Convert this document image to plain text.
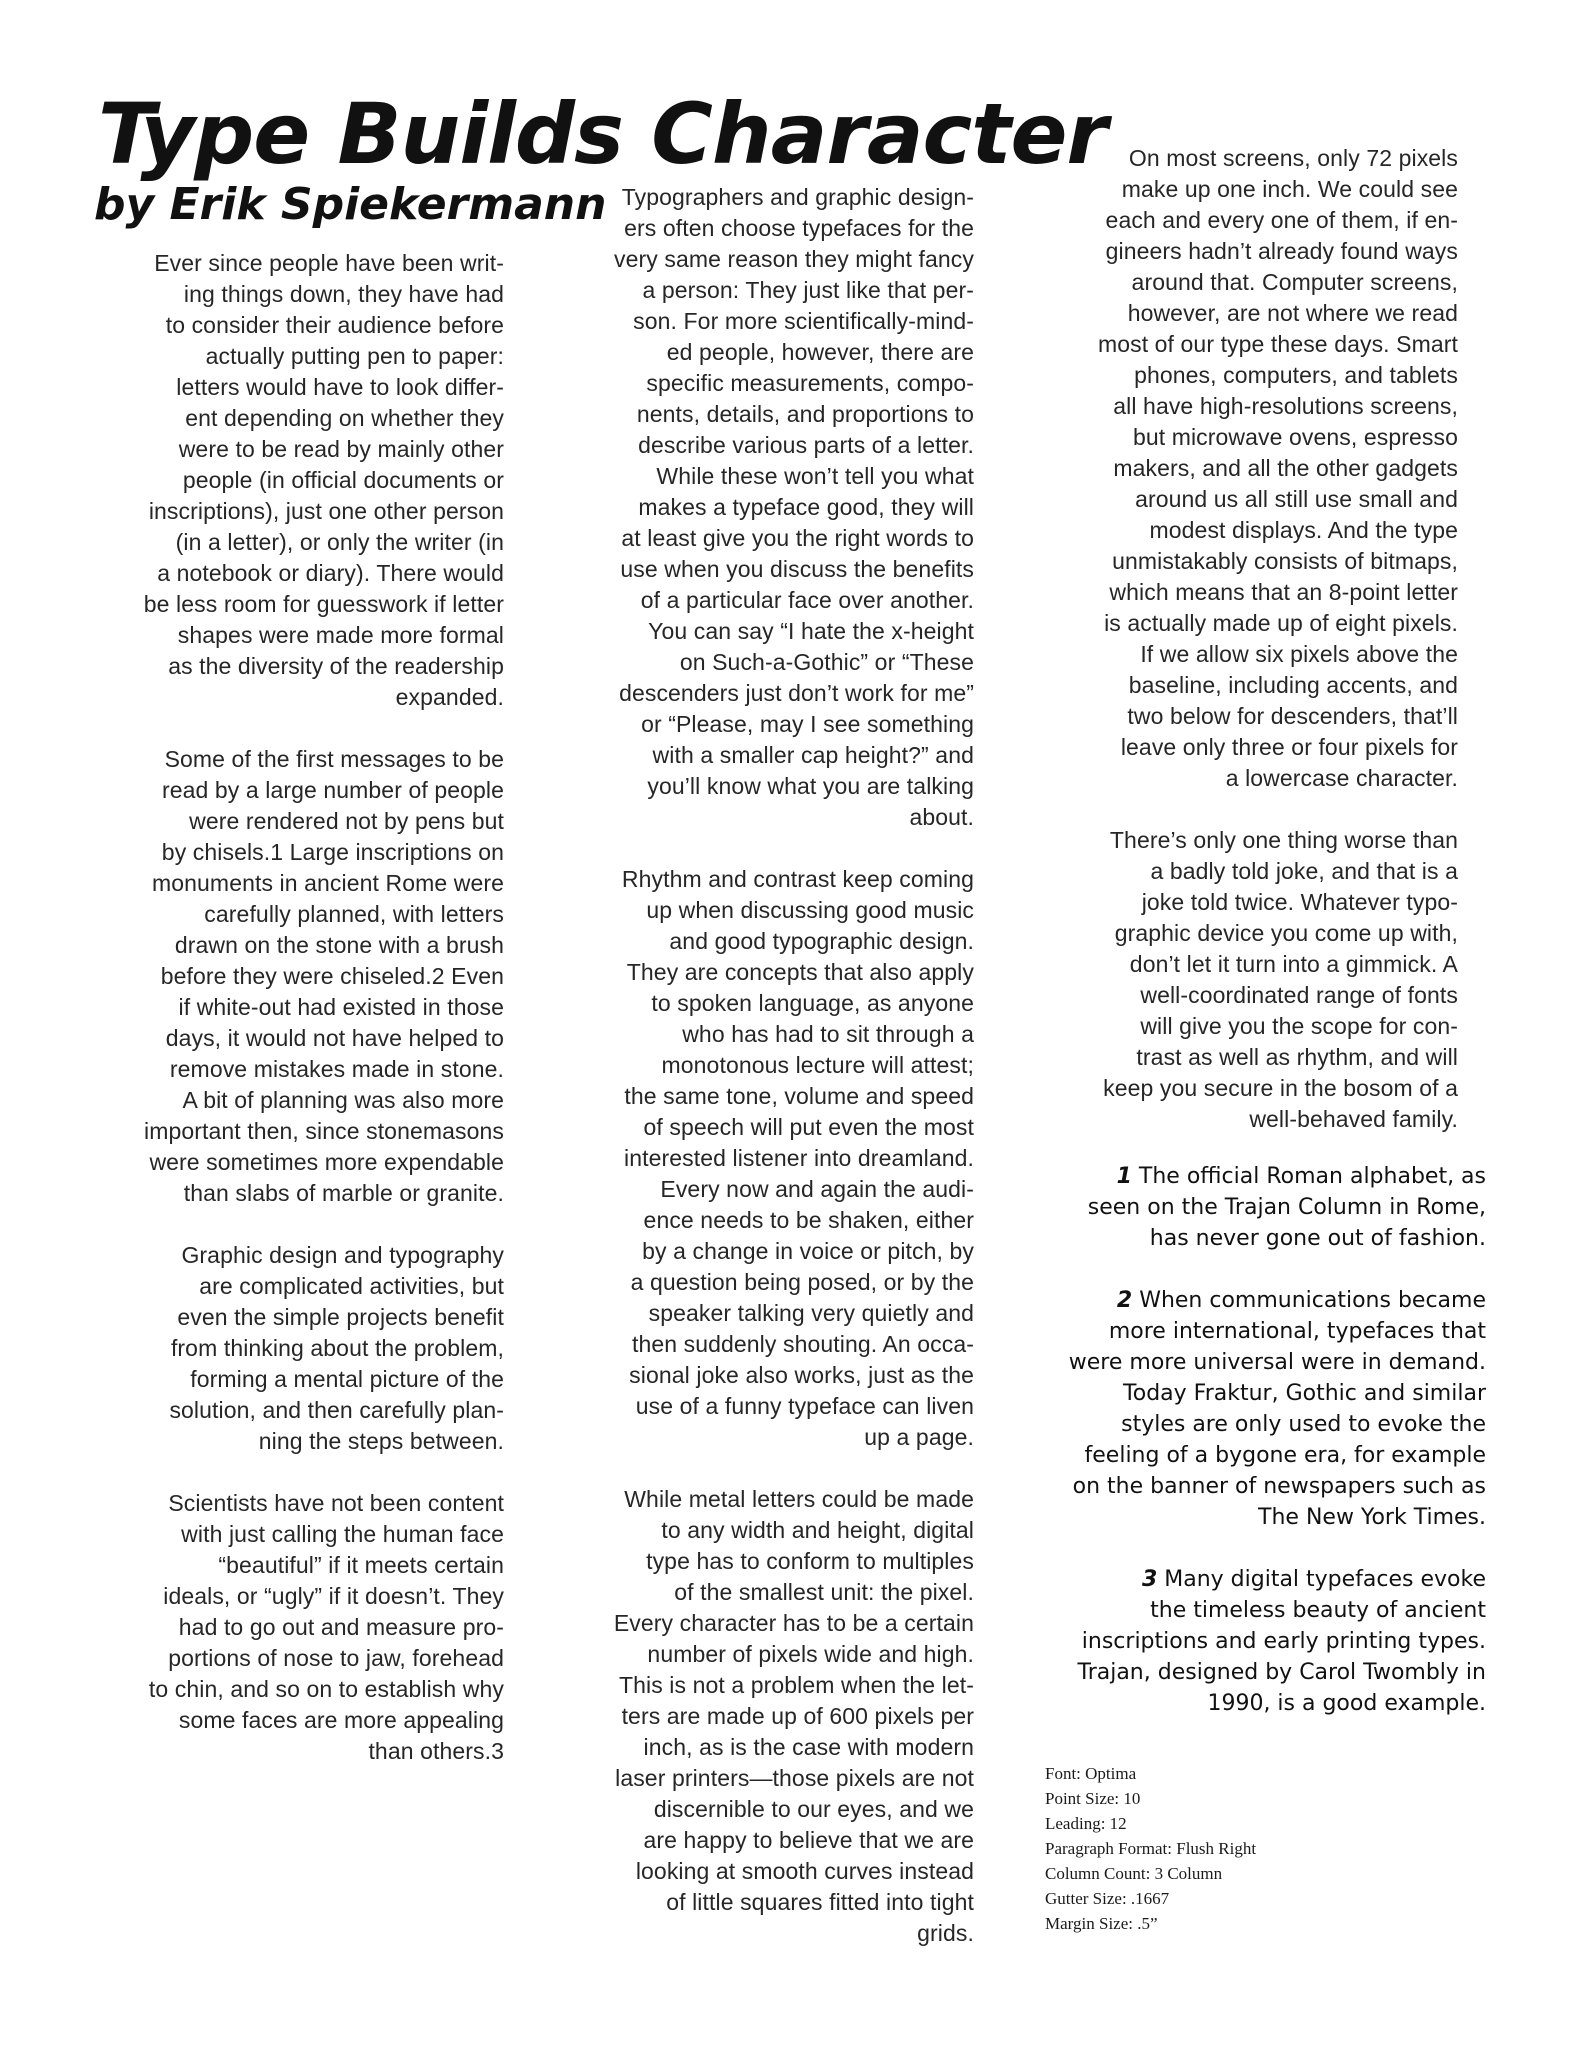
Type Builds Character
by Erik Spiekermann

Ever since people have been writ-
ing things down, they have had
to consider their audience before
actually putting pen to paper:
letters would have to look differ-
ent depending on whether they
were to be read by mainly other
people (in official documents or
inscriptions), just one other person
(in a letter), or only the writer (in
a notebook or diary). There would
be less room for guesswork if letter
shapes were made more formal
as the diversity of the readership
expanded.

Some of the first messages to be
read by a large number of people
were rendered not by pens but
by chisels.1 Large inscriptions on
monuments in ancient Rome were
carefully planned, with letters
drawn on the stone with a brush
before they were chiseled.2 Even
if white-out had existed in those
days, it would not have helped to
remove mistakes made in stone.
A bit of planning was also more
important then, since stonemasons
were sometimes more expendable
than slabs of marble or granite.

Graphic design and typography
are complicated activities, but
even the simple projects benefit
from thinking about the problem,
forming a mental picture of the
solution, and then carefully plan-
ning the steps between.

Scientists have not been content
with just calling the human face
“beautiful” if it meets certain
ideals, or “ugly” if it doesn’t. They
had to go out and measure pro-
portions of nose to jaw, forehead
to chin, and so on to establish why
some faces are more appealing
than others.3

Typographers and graphic design-
ers often choose typefaces for the
very same reason they might fancy
a person: They just like that per-
son. For more scientifically-mind-
ed people, however, there are
specific measurements, compo-
nents, details, and proportions to
describe various parts of a letter.
While these won’t tell you what
makes a typeface good, they will
at least give you the right words to
use when you discuss the benefits
of a particular face over another.
You can say “I hate the x-height
on Such-a-Gothic” or “These
descenders just don’t work for me”
or “Please, may I see something
with a smaller cap height?” and
you’ll know what you are talking
about.

Rhythm and contrast keep coming
up when discussing good music
and good typographic design.
They are concepts that also apply
to spoken language, as anyone
who has had to sit through a
monotonous lecture will attest;
the same tone, volume and speed
of speech will put even the most
interested listener into dreamland.
Every now and again the audi-
ence needs to be shaken, either
by a change in voice or pitch, by
a question being posed, or by the
speaker talking very quietly and
then suddenly shouting. An occa-
sional joke also works, just as the
use of a funny typeface can liven
up a page.

While metal letters could be made
to any width and height, digital
type has to conform to multiples
of the smallest unit: the pixel.
Every character has to be a certain
number of pixels wide and high.
This is not a problem when the let-
ters are made up of 600 pixels per
inch, as is the case with modern
laser printers—those pixels are not
discernible to our eyes, and we
are happy to believe that we are
looking at smooth curves instead
of little squares fitted into tight
grids.

On most screens, only 72 pixels
make up one inch. We could see
each and every one of them, if en-
gineers hadn’t already found ways
around that. Computer screens,
however, are not where we read
most of our type these days. Smart
phones, computers, and tablets
all have high-resolutions screens,
but microwave ovens, espresso
makers, and all the other gadgets
around us all still use small and
modest displays. And the type
unmistakably consists of bitmaps,
which means that an 8-point letter
is actually made up of eight pixels.
If we allow six pixels above the
baseline, including accents, and
two below for descenders, that’ll
leave only three or four pixels for
a lowercase character.

There’s only one thing worse than
a badly told joke, and that is a
joke told twice. Whatever typo-
graphic device you come up with,
don’t let it turn into a gimmick. A
well-coordinated range of fonts
will give you the scope for con-
trast as well as rhythm, and will
keep you secure in the bosom of a
well-behaved family.

1 The official Roman alphabet, as
seen on the Trajan Column in Rome,
has never gone out of fashion.

2 When communications became
more international, typefaces that
were more universal were in demand.
Today Fraktur, Gothic and similar
styles are only used to evoke the
feeling of a bygone era, for example
on the banner of newspapers such as
The New York Times.

3 Many digital typefaces evoke
the timeless beauty of ancient
inscriptions and early printing types.
Trajan, designed by Carol Twombly in
1990, is a good example.

Font: Optima
Point Size: 10
Leading: 12
Paragraph Format: Flush Right
Column Count: 3 Column
Gutter Size: .1667
Margin Size: .5”
